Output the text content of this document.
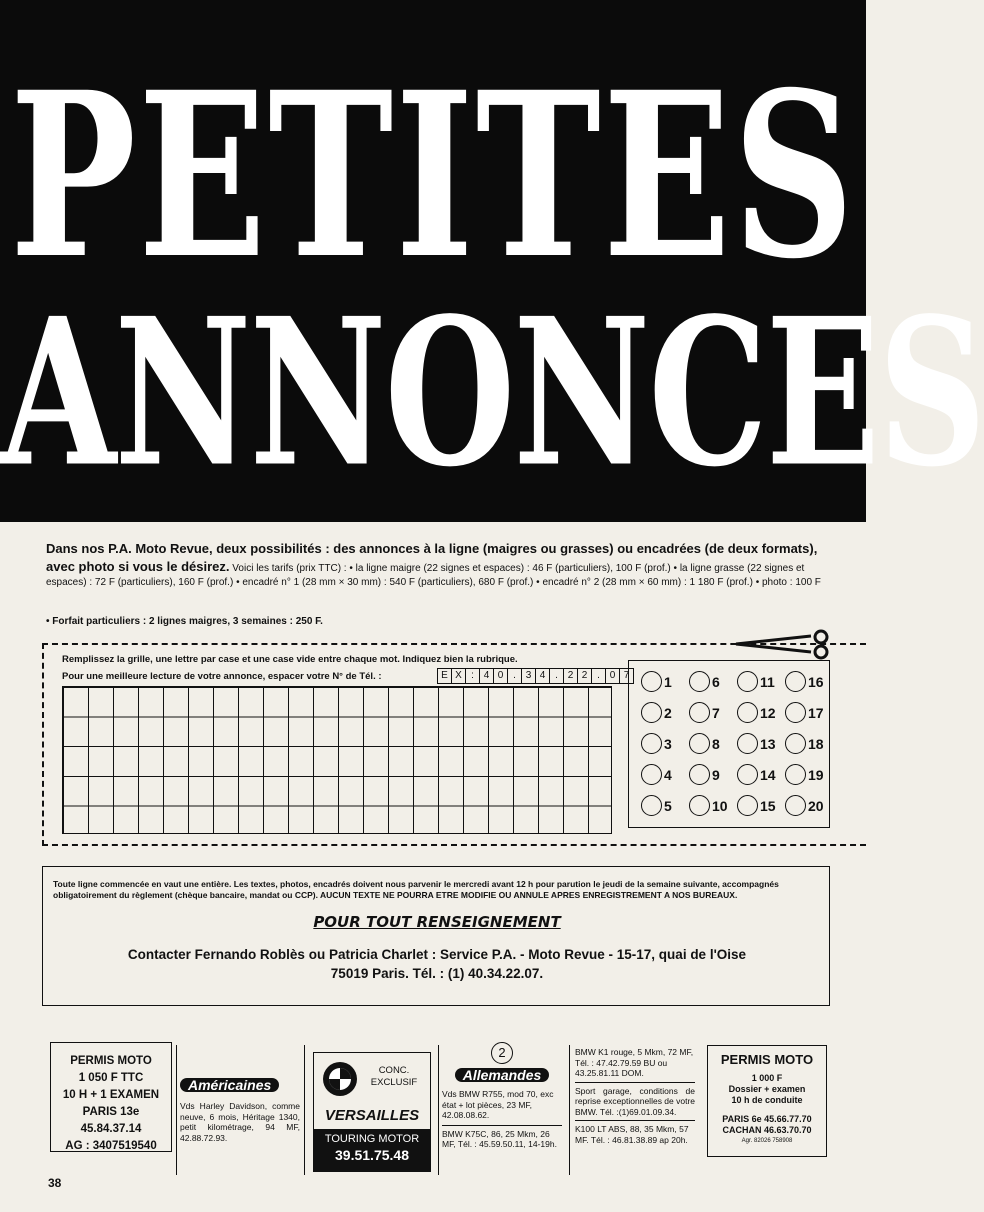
PETITES
ANNONCES
Dans nos P.A. Moto Revue, deux possibilités : des annonces à la ligne (maigres ou grasses) ou encadrées (de deux formats), avec photo si vous le désirez. Voici les tarifs (prix TTC) : • la ligne maigre (22 signes et espaces) : 46 F (particuliers), 100 F (prof.) • la ligne grasse (22 signes et espaces) : 72 F (particuliers), 160 F (prof.) • encadré n° 1 (28 mm × 30 mm) : 540 F (particuliers), 680 F (prof.) • encadré n° 2 (28 mm × 60 mm) : 1 180 F (prof.) • photo : 100 F
• Forfait particuliers : 2 lignes maigres, 3 semaines : 250 F.
Remplissez la grille, une lettre par case et une case vide entre chaque mot. Indiquez bien la rubrique.
Pour une meilleure lecture de votre annonce, espacer votre N° de Tél. :	E X : 4 0 . 3 4 . 2 2 . 0 7	1
2
3
4
5
6
7
8
9
10
11
12
13
14
15
16
17
18
19
20
Toute ligne commencée en vaut une entière. Les textes, photos, encadrés doivent nous parvenir le mercredi avant 12 h pour parution le jeudi de la semaine suivante, accompagnés obligatoirement du règlement (chèque bancaire, mandat ou CCP). AUCUN TEXTE NE POURRA ETRE MODIFIE OU ANNULE APRES ENREGISTREMENT A NOS BUREAUX.
POUR TOUT RENSEIGNEMENT
Contacter Fernando Roblès ou Patricia Charlet : Service P.A. - Moto Revue - 15-17, quai de l'Oise
75019 Paris. Tél. : (1) 40.34.22.07.
PERMIS MOTO
1 050 F TTC
10 H + 1 EXAMEN
PARIS 13e
45.84.37.14
AG : 3407519540
Américaines
Vds Harley Davidson, comme neuve, 6 mois, Héritage 1340, petit kilométrage, 94 MF, 42.88.72.93.
CONC. EXCLUSIF
VERSAILLES
TOURING MOTOR
39.51.75.48
2
Allemandes
Vds BMW R755, mod 70, exc état + lot pièces, 23 MF, 42.08.08.62.
BMW K75C, 86, 25 Mkm, 26 MF, Tél. : 45.59.50.11, 14-19h.
BMW K1 rouge, 5 Mkm, 72 MF, Tél. : 47.42.79.59 BU ou 43.25.81.11 DOM.
Sport garage, conditions de reprise exceptionnelles de votre BMW. Tél. :(1)69.01.09.34.
K100 LT ABS, 88, 35 Mkm, 57 MF. Tél. : 46.81.38.89 ap 20h.
PERMIS MOTO
1 000 F
Dossier + examen
10 h de conduite
PARIS 6e 45.66.77.70
CACHAN 46.63.70.70
Agr. 82026 758908
38
